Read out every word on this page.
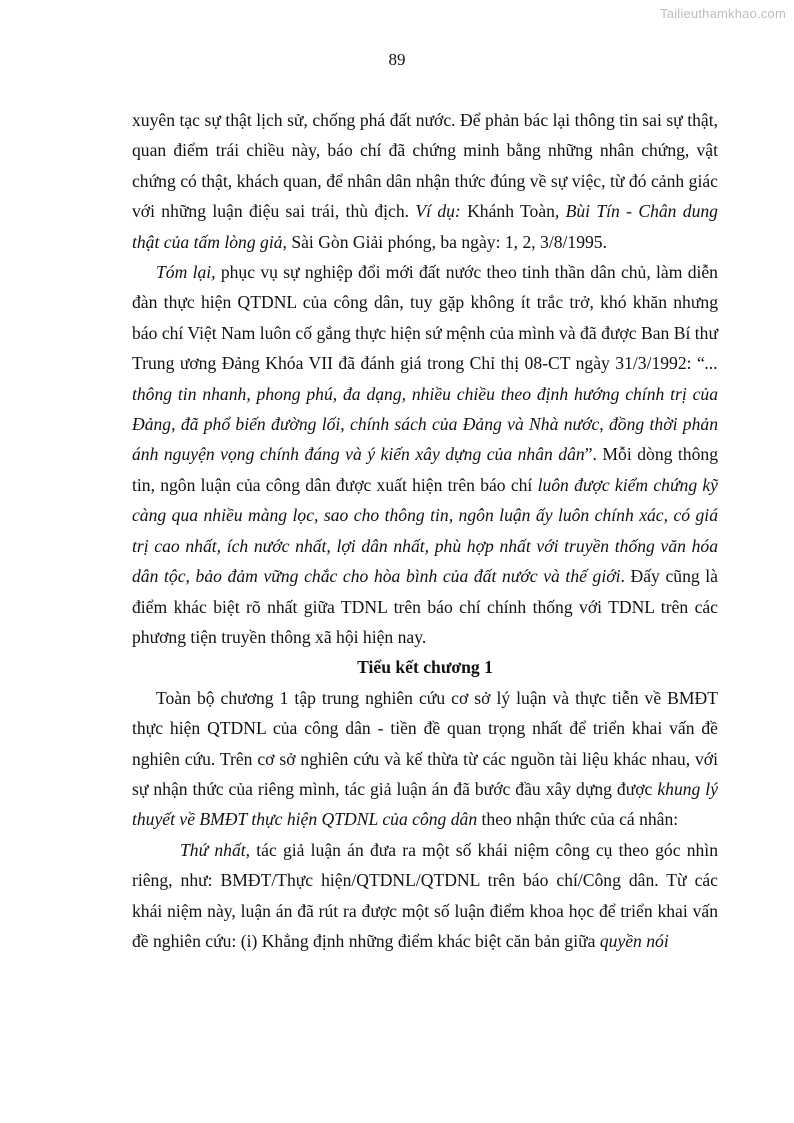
Tailieuthamkhao.com
89

xuyên tạc sự thật lịch sử, chống phá đất nước. Để phản bác lại thông tin sai sự thật, quan điểm trái chiều này, báo chí đã chứng minh bằng những nhân chứng, vật chứng có thật, khách quan, để nhân dân nhận thức đúng về sự việc, từ đó cảnh giác với những luận điệu sai trái, thù địch. Ví dụ: Khánh Toàn, Bùi Tín - Chân dung thật của tấm lòng giả, Sài Gòn Giải phóng, ba ngày: 1, 2, 3/8/1995.

Tóm lại, phục vụ sự nghiệp đổi mới đất nước theo tinh thần dân chủ, làm diễn đàn thực hiện QTDNL của công dân, tuy gặp không ít trắc trở, khó khăn nhưng báo chí Việt Nam luôn cố gắng thực hiện sứ mệnh của mình và đã được Ban Bí thư Trung ương Đảng Khóa VII đã đánh giá trong Chỉ thị 08-CT ngày 31/3/1992: “... thông tin nhanh, phong phú, đa dạng, nhiều chiều theo định hướng chính trị của Đảng, đã phổ biến đường lối, chính sách của Đảng và Nhà nước, đồng thời phản ánh nguyện vọng chính đáng và ý kiến xây dựng của nhân dân”. Mỗi dòng thông tin, ngôn luận của công dân được xuất hiện trên báo chí luôn được kiểm chứng kỹ càng qua nhiều màng lọc, sao cho thông tin, ngôn luận ấy luôn chính xác, có giá trị cao nhất, ích nước nhất, lợi dân nhất, phù hợp nhất với truyền thống văn hóa dân tộc, bảo đảm vững chắc cho hòa bình của đất nước và thế giới. Đấy cũng là điểm khác biệt rõ nhất giữa TDNL trên báo chí chính thống với TDNL trên các phương tiện truyền thông xã hội hiện nay.

Tiểu kết chương 1

Toàn bộ chương 1 tập trung nghiên cứu cơ sở lý luận và thực tiễn về BMĐT thực hiện QTDNL của công dân - tiền đề quan trọng nhất để triển khai vấn đề nghiên cứu. Trên cơ sở nghiên cứu và kế thừa từ các nguồn tài liệu khác nhau, với sự nhận thức của riêng mình, tác giả luận án đã bước đầu xây dựng được khung lý thuyết về BMĐT thực hiện QTDNL của công dân theo nhận thức của cá nhân:

Thứ nhất, tác giả luận án đưa ra một số khái niệm công cụ theo góc nhìn riêng, như: BMĐT/Thực hiện/QTDNL/QTDNL trên báo chí/Công dân. Từ các khái niệm này, luận án đã rút ra được một số luận điểm khoa học để triển khai vấn đề nghiên cứu: (i) Khẳng định những điểm khác biệt căn bản giữa quyền nói
